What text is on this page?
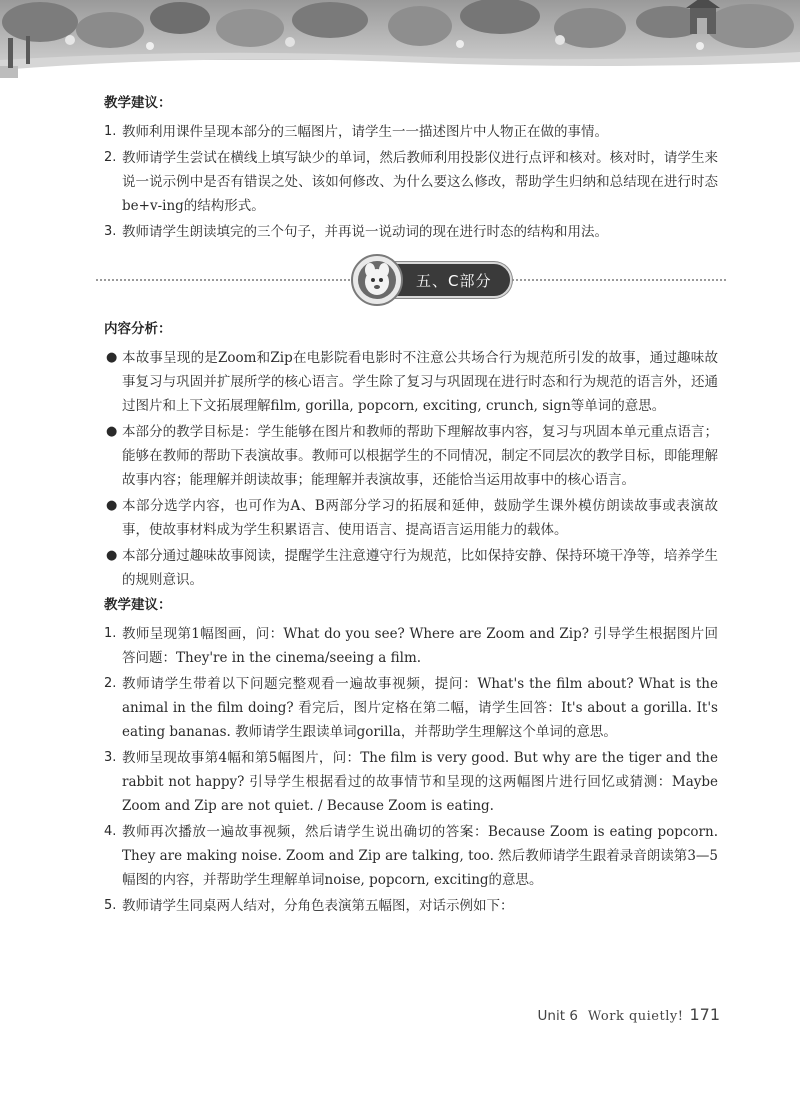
教学建议：
1. 教师利用课件呈现本部分的三幅图片，请学生一一描述图片中人物正在做的事情。
2. 教师请学生尝试在横线上填写缺少的单词，然后教师利用投影仪进行点评和核对。核对时，请学生来说一说示例中是否有错误之处、该如何修改、为什么要这么修改，帮助学生归纳和总结现在进行时态be+v-ing的结构形式。
3. 教师请学生朗读填完的三个句子，并再说一说动词的现在进行时态的结构和用法。
五、C部分
内容分析：
● 本故事呈现的是Zoom和Zip在电影院看电影时不注意公共场合行为规范所引发的故事，通过趣味故事复习与巩固并扩展所学的核心语言。学生除了复习与巩固现在进行时态和行为规范的语言外，还通过图片和上下文拓展理解film, gorilla, popcorn, exciting, crunch, sign等单词的意思。
● 本部分的教学目标是：学生能够在图片和教师的帮助下理解故事内容，复习与巩固本单元重点语言；能够在教师的帮助下表演故事。教师可以根据学生的不同情况，制定不同层次的教学目标，即能理解故事内容；能理解并朗读故事；能理解并表演故事，还能恰当运用故事中的核心语言。
● 本部分选学内容，也可作为A、B两部分学习的拓展和延伸，鼓励学生课外模仿朗读故事或表演故事，使故事材料成为学生积累语言、使用语言、提高语言运用能力的载体。
● 本部分通过趣味故事阅读，提醒学生注意遵守行为规范，比如保持安静、保持环境干净等，培养学生的规则意识。
教学建议：
1. 教师呈现第1幅图画，问：What do you see? Where are Zoom and Zip? 引导学生根据图片回答问题：They're in the cinema/seeing a film.
2. 教师请学生带着以下问题完整观看一遍故事视频，提问：What's the film about? What is the animal in the film doing? 看完后，图片定格在第二幅，请学生回答：It's about a gorilla. It's eating bananas. 教师请学生跟读单词gorilla，并帮助学生理解这个单词的意思。
3. 教师呈现故事第4幅和第5幅图片，问：The film is very good. But why are the tiger and the rabbit not happy? 引导学生根据看过的故事情节和呈现的这两幅图片进行回忆或猜测：Maybe Zoom and Zip are not quiet. / Because Zoom is eating.
4. 教师再次播放一遍故事视频，然后请学生说出确切的答案：Because Zoom is eating popcorn. They are making noise. Zoom and Zip are talking, too. 然后教师请学生跟着录音朗读第3—5幅图的内容，并帮助学生理解单词noise, popcorn, exciting的意思。
5. 教师请学生同桌两人结对，分角色表演第五幅图，对话示例如下：
Unit 6 Work quietly! 171
